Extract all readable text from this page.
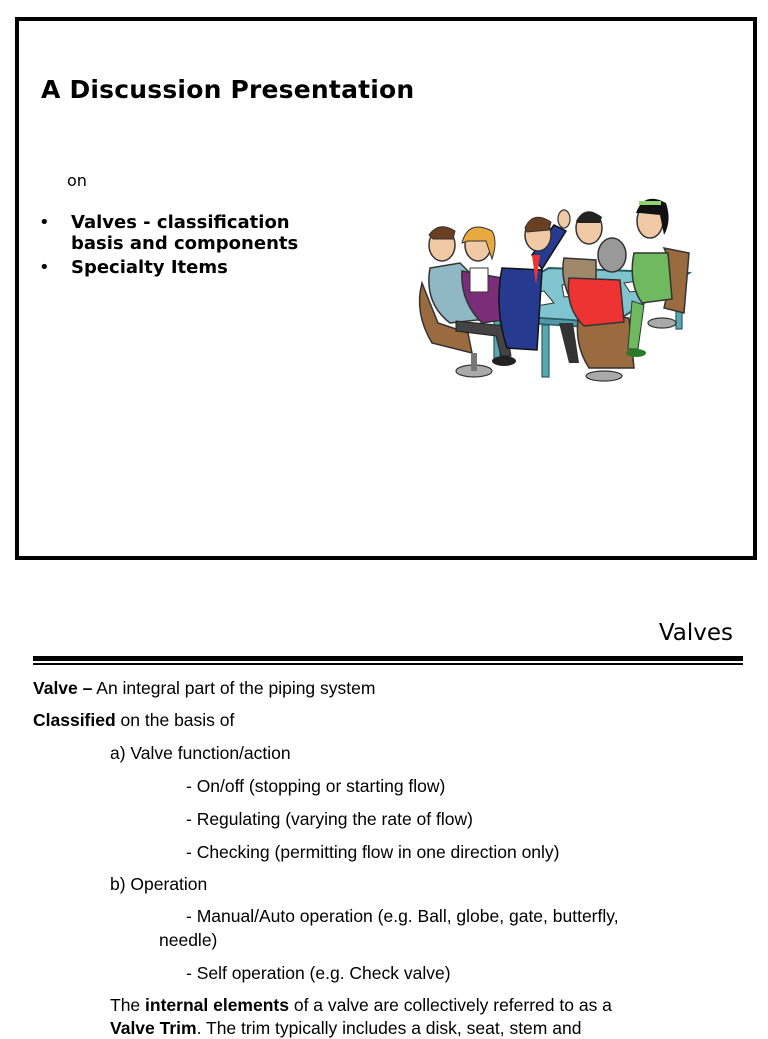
A Discussion Presentation
on
• Valves - classification basis and components
• Specialty Items
Valves
Valve – An integral part of the piping system
Classified on the basis of
a) Valve function/action
- On/off (stopping or starting flow)
- Regulating (varying the rate of flow)
- Checking (permitting flow in one direction only)
b) Operation
- Manual/Auto operation (e.g. Ball, globe, gate, butterfly,
needle)
- Self operation (e.g. Check valve)
The internal elements of a valve are collectively referred to as a
Valve Trim. The trim typically includes a disk, seat, stem and
